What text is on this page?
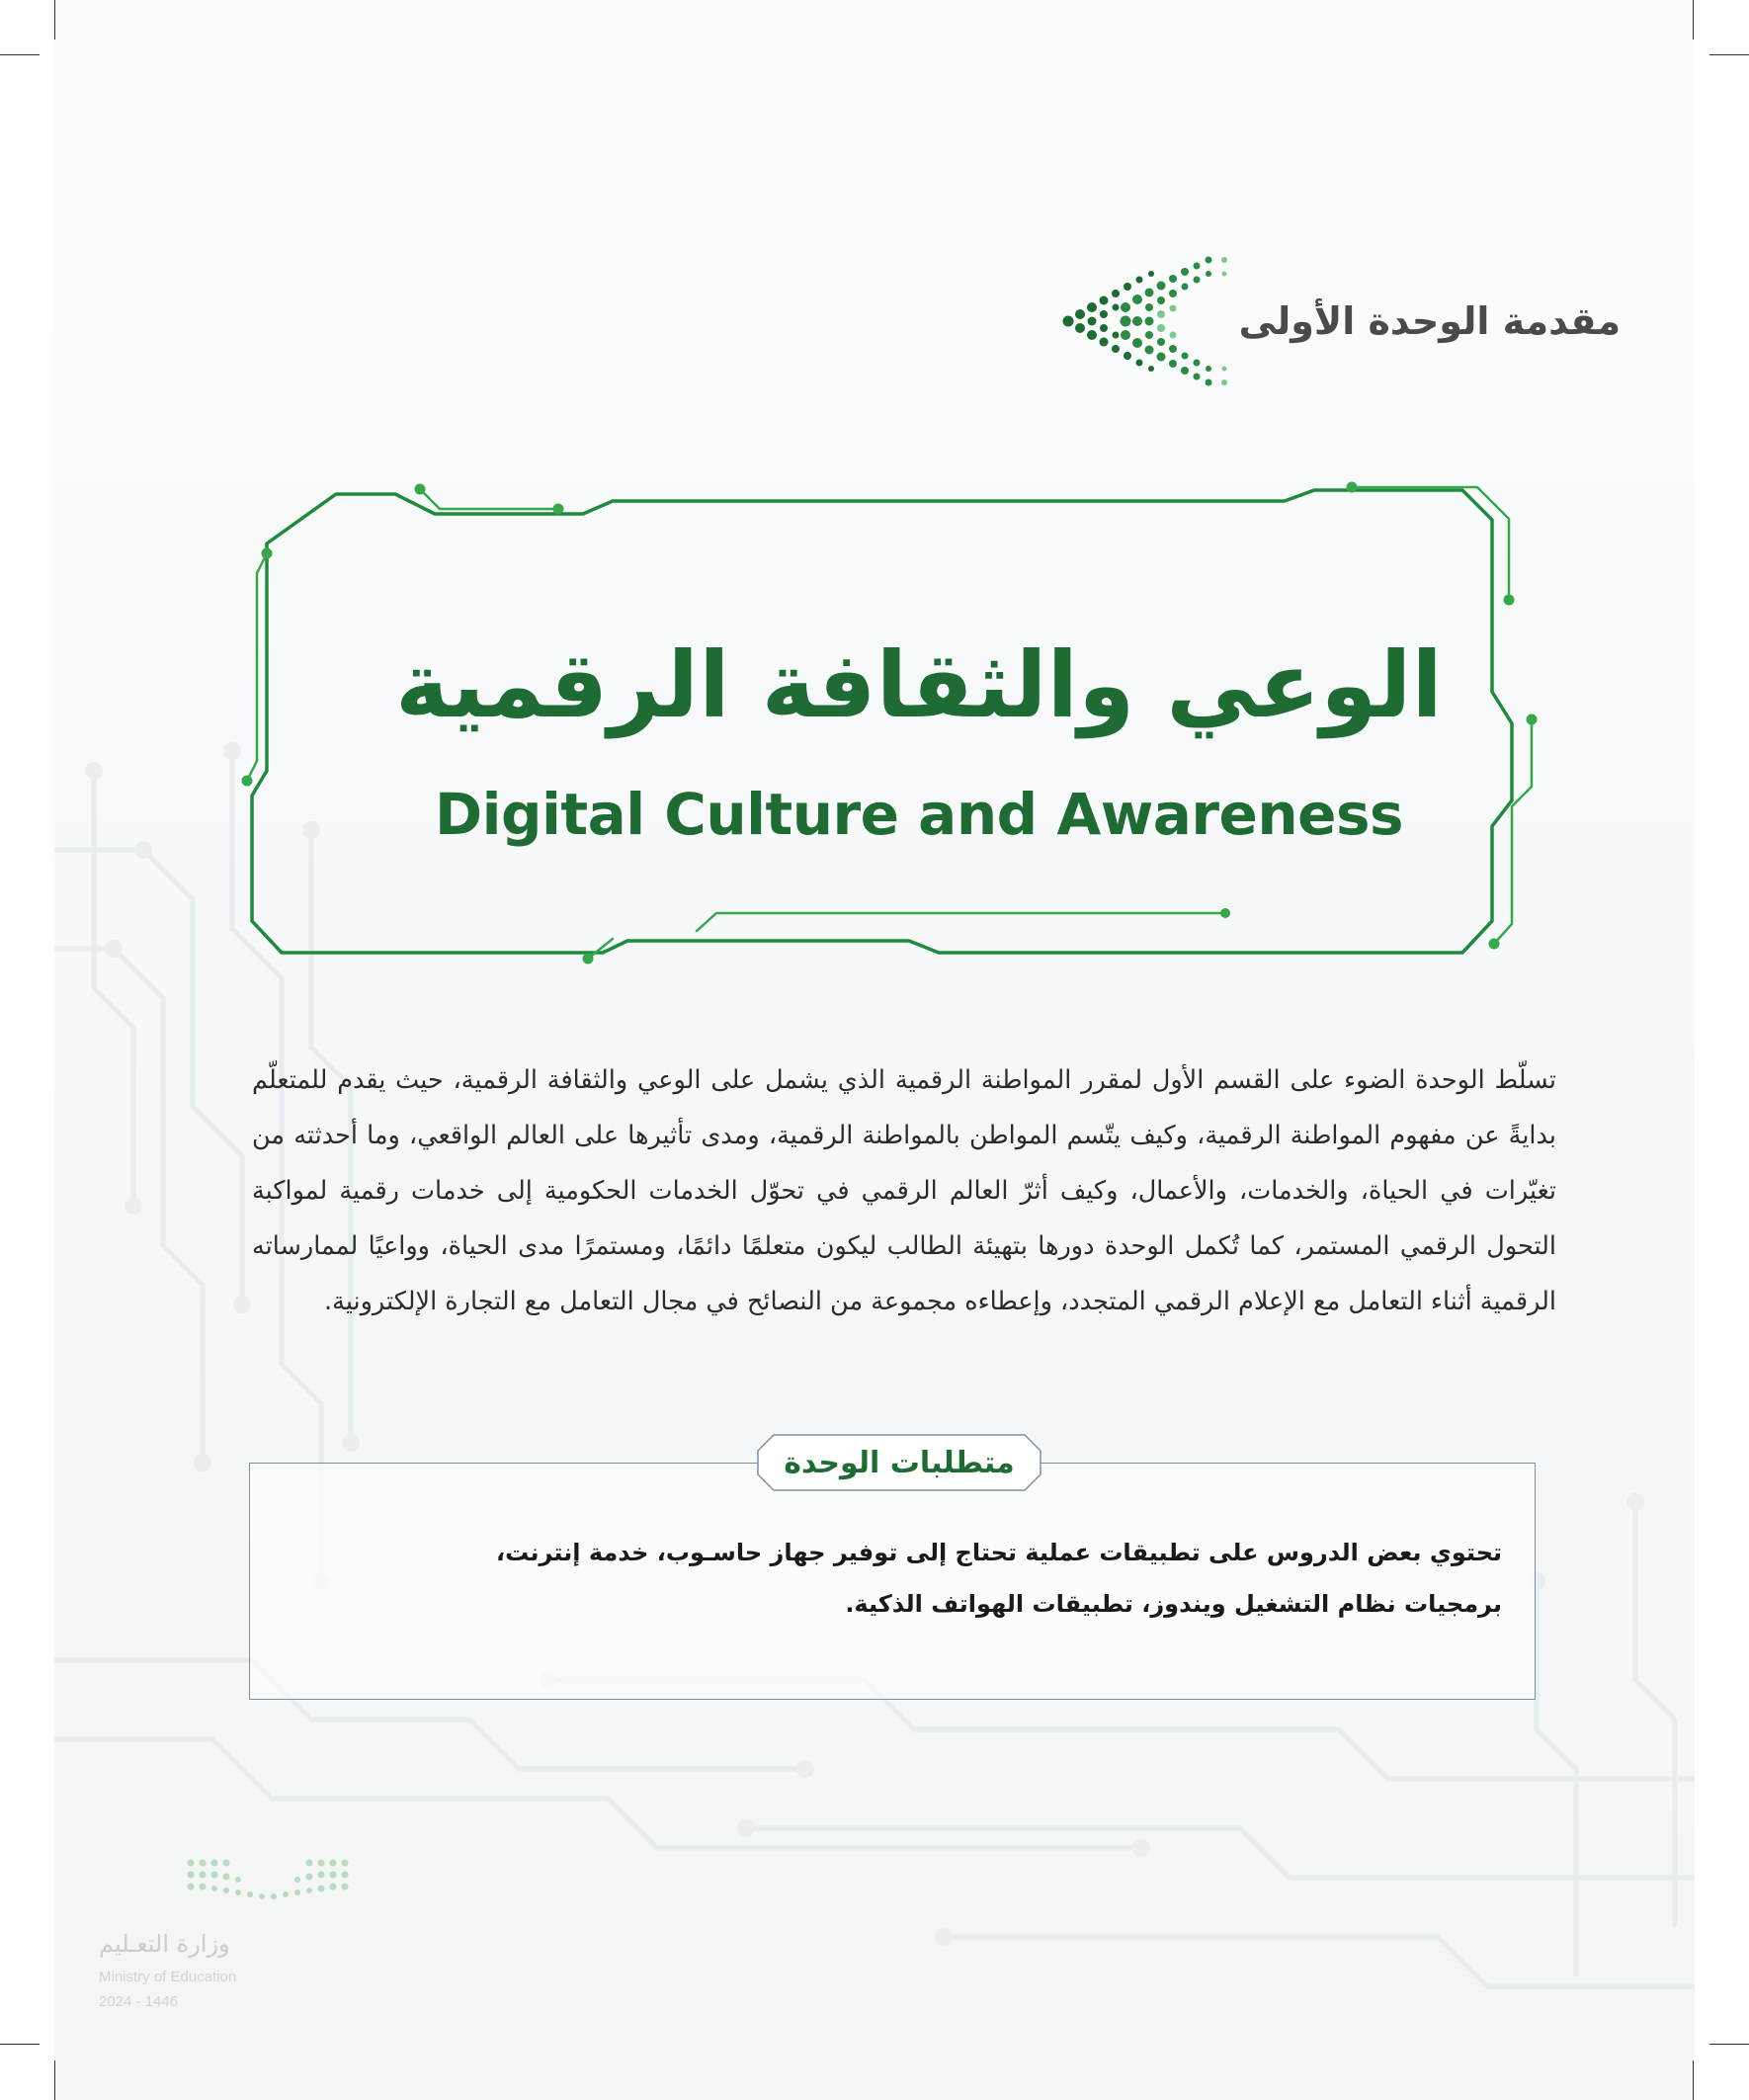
مقدمة الوحدة الأولى
الوعي والثقافة الرقمية
Digital Culture and Awareness

تسلّط الوحدة الضوء على القسم الأول لمقرر المواطنة الرقمية الذي يشمل على الوعي والثقافة الرقمية، حيث يقدم للمتعلّم بدايةً عن مفهوم المواطنة الرقمية، وكيف يتّسم المواطن بالمواطنة الرقمية، ومدى تأثيرها على العالم الواقعي، وما أحدثته من تغيّرات في الحياة، والخدمات، والأعمال، وكيف أثرّ العالم الرقمي في تحوّل الخدمات الحكومية إلى خدمات رقمية لمواكبة التحول الرقمي المستمر، كما تُكمل الوحدة دورها بتهيئة الطالب ليكون متعلمًا دائمًا، ومستمرًا مدى الحياة، وواعيًا لممارساته الرقمية أثناء التعامل مع الإعلام الرقمي المتجدد، وإعطاءه مجموعة من النصائح في مجال التعامل مع التجارة الإلكترونية.

متطلبات الوحدة

تحتوي بعض الدروس على تطبيقات عملية تحتاج إلى توفير جهاز حاسـوب، خدمة إنترنت، برمجيات نظام التشغيل ويندوز، تطبيقات الهواتف الذكية.

وزارة التعـليم
Ministry of Education
2024 - 1446
